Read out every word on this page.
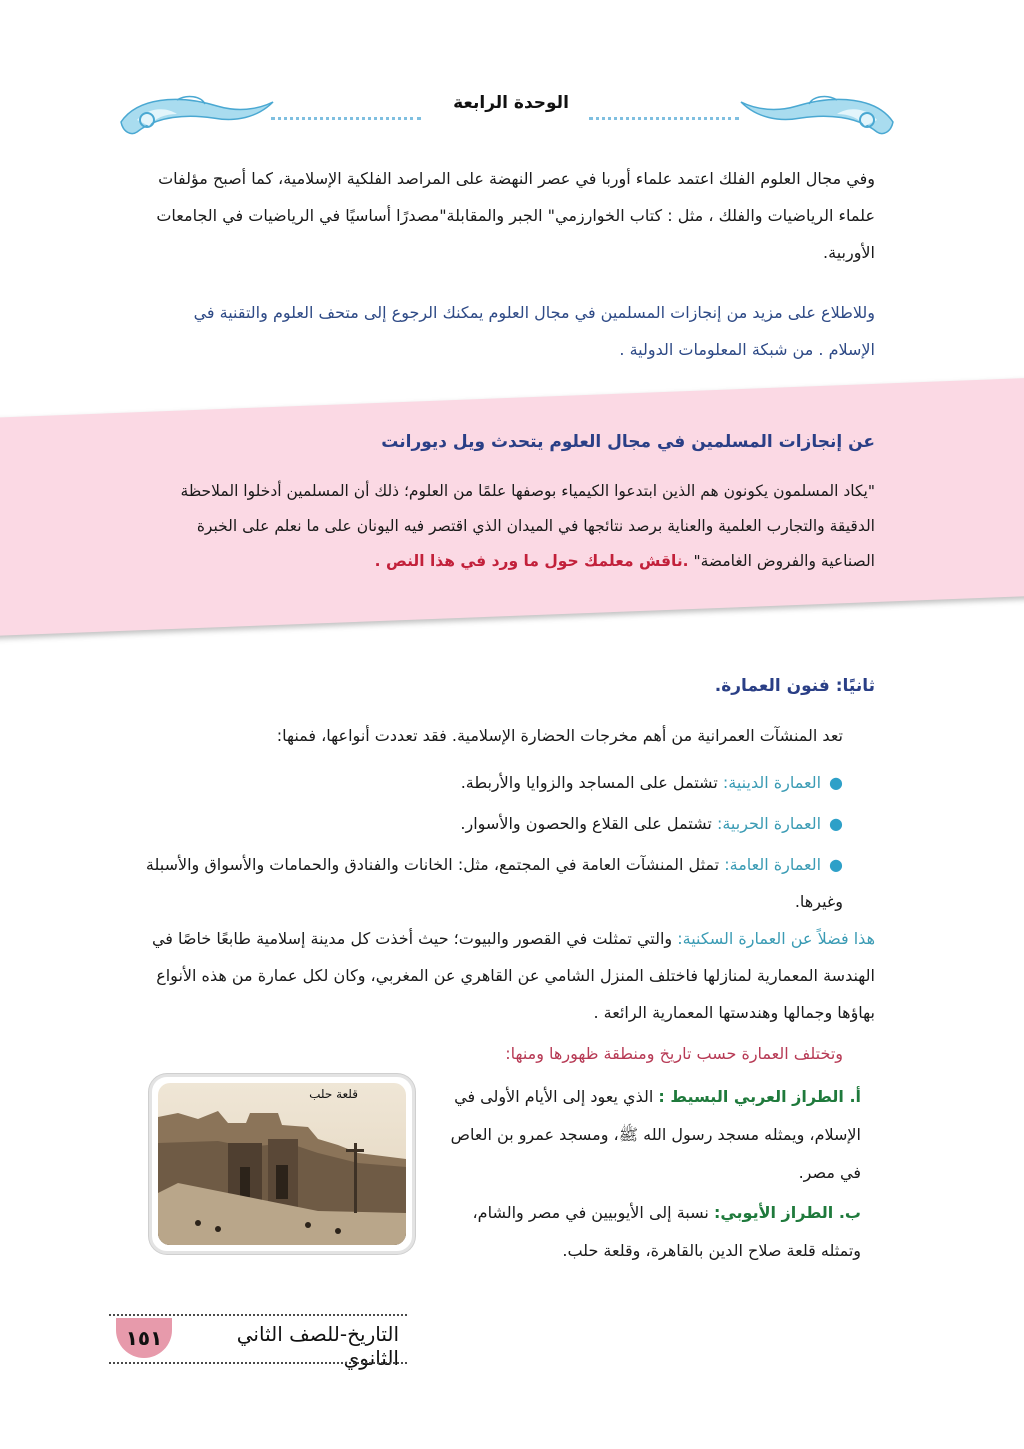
الوحدة الرابعة
وفي مجال العلوم الفلك اعتمد علماء أوربا في عصر النهضة على المراصد الفلكية الإسلامية، كما أصبح مؤلفات علماء الرياضيات والفلك ، مثل : كتاب الخوارزمي" الجبر والمقابلة"مصدرًا أساسيًا في الرياضيات في الجامعات الأوربية.
وللاطلاع على مزيد من إنجازات المسلمين في مجال العلوم يمكنك الرجوع إلى متحف العلوم والتقنية في الإسلام . من شبكة المعلومات الدولية .
عن إنجازات المسلمين في مجال العلوم يتحدث ويل ديورانت
"يكاد المسلمون يكونون هم الذين ابتدعوا الكيمياء بوصفها علمًا من العلوم؛ ذلك أن المسلمين أدخلوا الملاحظة الدقيقة والتجارب العلمية والعناية برصد نتائجها في الميدان الذي اقتصر فيه اليونان على ما نعلم على الخبرة الصناعية والفروض الغامضة" .ناقش معلمك حول ما ورد في هذا النص .
ثانيًا: فنون العمارة.
تعد المنشآت العمرانية من أهم مخرجات الحضارة الإسلامية. فقد تعددت أنواعها، فمنها:
●العمارة الدينية: تشتمل على المساجد والزوايا والأربطة.
●العمارة الحربية: تشتمل على القلاع والحصون والأسوار.
●العمارة العامة: تمثل المنشآت العامة في المجتمع، مثل: الخانات والفنادق والحمامات والأسواق والأسبلة وغيرها.
هذا فضلاً عن العمارة السكنية: والتي تمثلت في القصور والبيوت؛ حيث أخذت كل مدينة إسلامية طابعًا خاصًا في الهندسة المعمارية لمنازلها فاختلف المنزل الشامي عن القاهري عن المغربي، وكان لكل عمارة من هذه الأنواع بهاؤها وجمالها وهندستها المعمارية الرائعة .
وتختلف العمارة حسب تاريخ ومنطقة ظهورها ومنها:
أ. الطراز العربي البسيط : الذي يعود إلى الأيام الأولى في الإسلام، ويمثله مسجد رسول الله ﷺ، ومسجد عمرو بن العاص في مصر.
ب. الطراز الأيوبي: نسبة إلى الأيوبيين في مصر والشام، وتمثله قلعة صلاح الدين بالقاهرة، وقلعة حلب.
قلعة حلب
١٥١	التاريخ-للصف الثاني الثانوي
